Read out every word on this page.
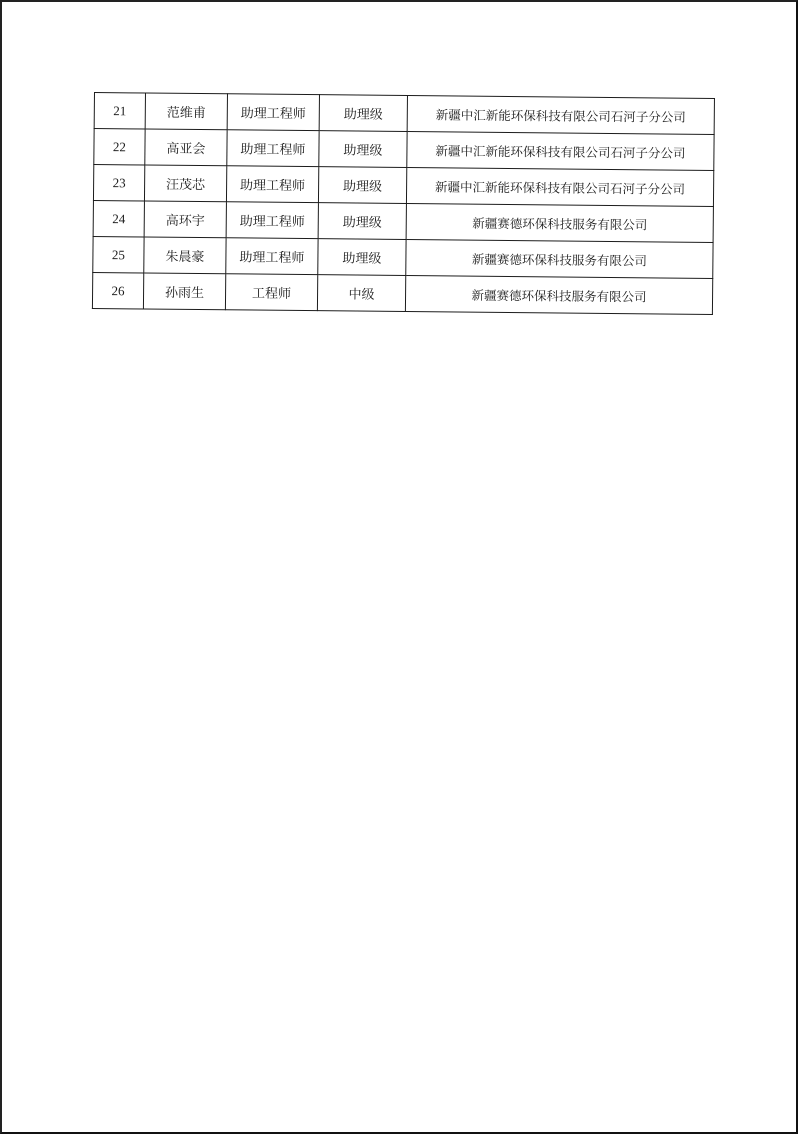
21	范维甫	助理工程师	助理级	新疆中汇新能环保科技有限公司石河子分公司
22	高亚会	助理工程师	助理级	新疆中汇新能环保科技有限公司石河子分公司
23	汪茂芯	助理工程师	助理级	新疆中汇新能环保科技有限公司石河子分公司
24	高环宇	助理工程师	助理级	新疆赛德环保科技服务有限公司
25	朱晨豪	助理工程师	助理级	新疆赛德环保科技服务有限公司
26	孙雨生	工程师	中级	新疆赛德环保科技服务有限公司
